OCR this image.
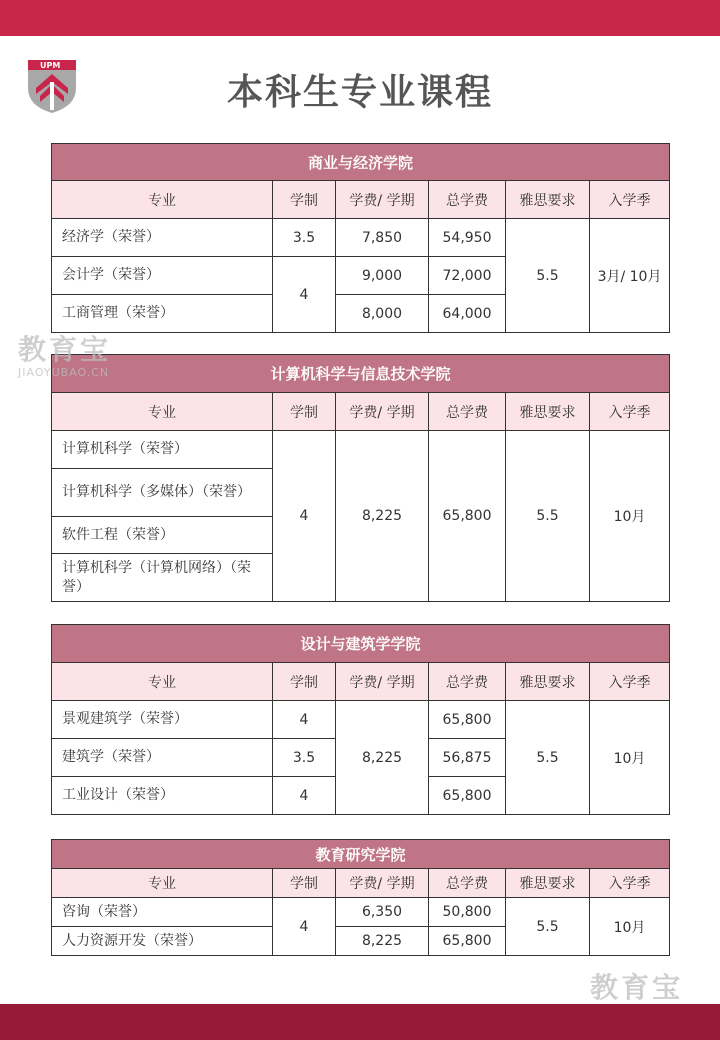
UPM
本科生专业课程
商业与经济学院					
专业	学制	学费/ 学期	总学费	雅思要求	入学季
经济学（荣誉）	3.5	7,850	54,950	5.5	3月/ 10月
会计学（荣誉）	4	9,000	72,000		
工商管理（荣誉）		8,000	64,000		
计算机科学与信息技术学院					
专业	学制	学费/ 学期	总学费	雅思要求	入学季
计算机科学（荣誉）	4	8,225	65,800	5.5	10月
计算机科学（多媒体）（荣誉）					
软件工程（荣誉）					
计算机科学（计算机网络）（荣誉）					
设计与建筑学学院					
专业	学制	学费/ 学期	总学费	雅思要求	入学季
景观建筑学（荣誉）	4	8,225	65,800	5.5	10月
建筑学（荣誉）	3.5		56,875		
工业设计（荣誉）	4		65,800		
教育研究学院					
专业	学制	学费/ 学期	总学费	雅思要求	入学季
咨询（荣誉）	4	6,350	50,800	5.5	10月
人力资源开发（荣誉）		8,225	65,800		
教育宝
JIAOYUBAO.CN
教育宝
